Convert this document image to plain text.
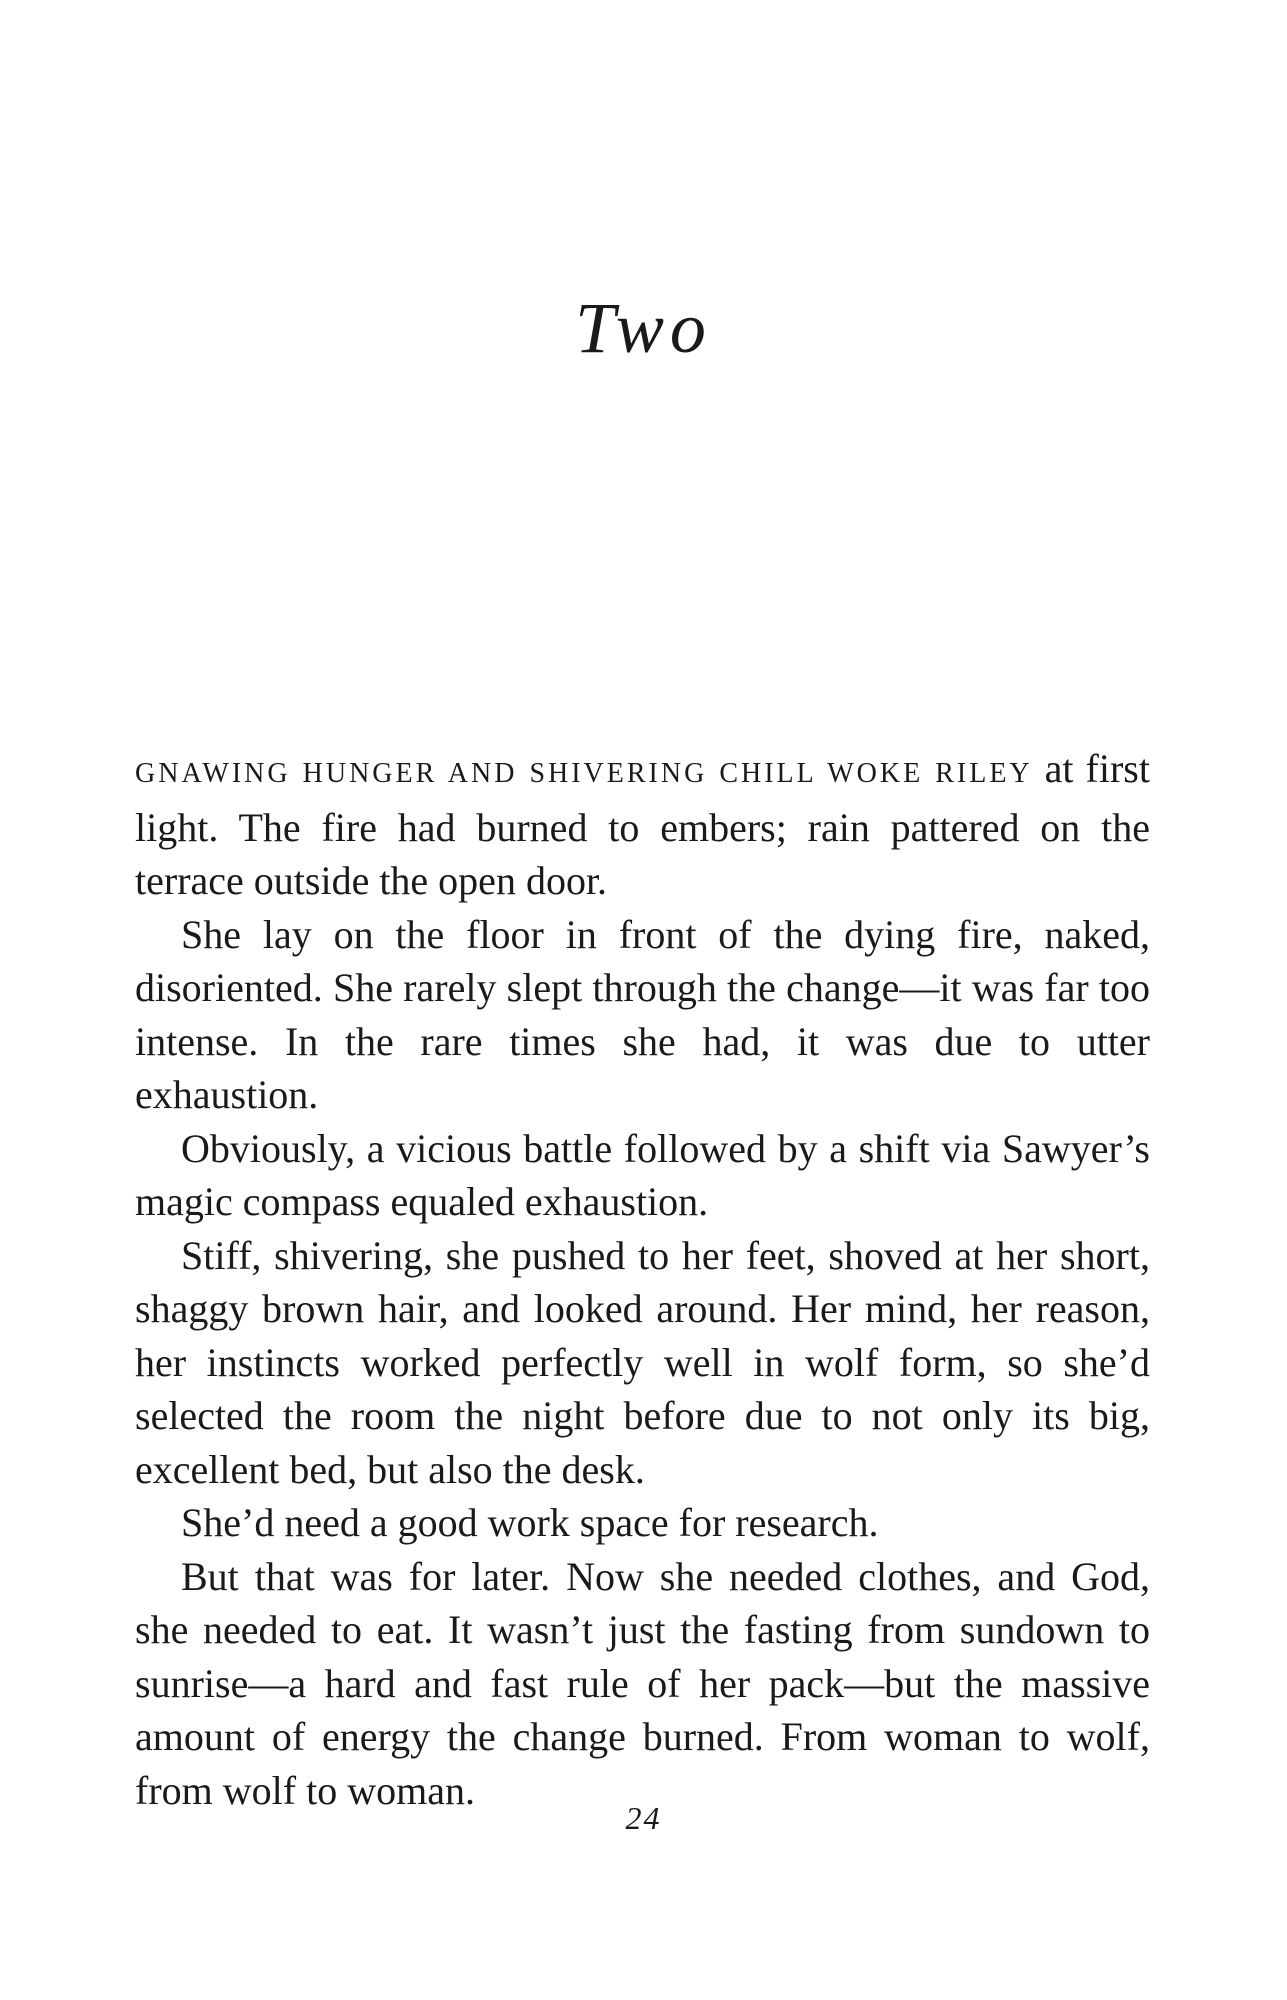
Two

GNAWING HUNGER AND SHIVERING CHILL WOKE RILEY at first light. The fire had burned to embers; rain pattered on the terrace outside the open door.

She lay on the floor in front of the dying fire, naked, disoriented. She rarely slept through the change—it was far too intense. In the rare times she had, it was due to utter exhaustion.

Obviously, a vicious battle followed by a shift via Sawyer’s magic compass equaled exhaustion.

Stiff, shivering, she pushed to her feet, shoved at her short, shaggy brown hair, and looked around. Her mind, her reason, her instincts worked perfectly well in wolf form, so she’d selected the room the night before due to not only its big, excellent bed, but also the desk.

She’d need a good work space for research.

But that was for later. Now she needed clothes, and God, she needed to eat. It wasn’t just the fasting from sundown to sunrise—a hard and fast rule of her pack—but the massive amount of energy the change burned. From woman to wolf, from wolf to woman.

24
